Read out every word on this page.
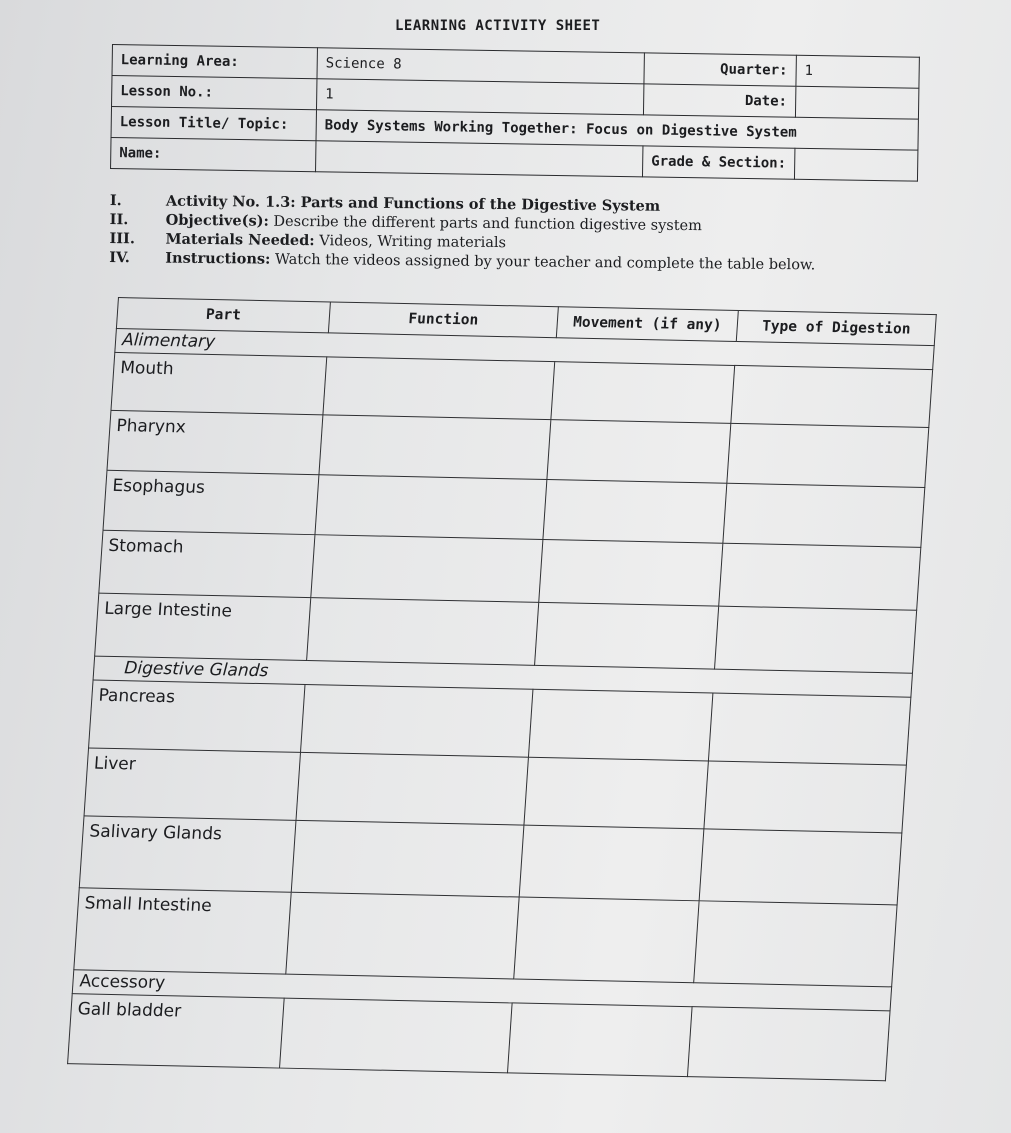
LEARNING ACTIVITY SHEET
Learning Area:	Science 8	Quarter:	1
Lesson No.:	1	Date:	
Lesson Title/ Topic:	Body Systems Working Together: Focus on Digestive System		
Name:		Grade & Section:	
I.	Activity No. 1.3: Parts and Functions of the Digestive System
II.	Objective(s): Describe the different parts and function digestive system
III. Materials Needed: Videos, Writing materials
IV. Instructions: Watch the videos assigned by your teacher and complete the table below.
Part	Function	Movement (if any)	Type of Digestion
Alimentary			
Mouth			
Pharynx			
Esophagus			
Stomach			
Large Intestine			
Digestive Glands			
Pancreas			
Liver			
Salivary Glands			
Small Intestine			
Accessory			
Gall bladder			
